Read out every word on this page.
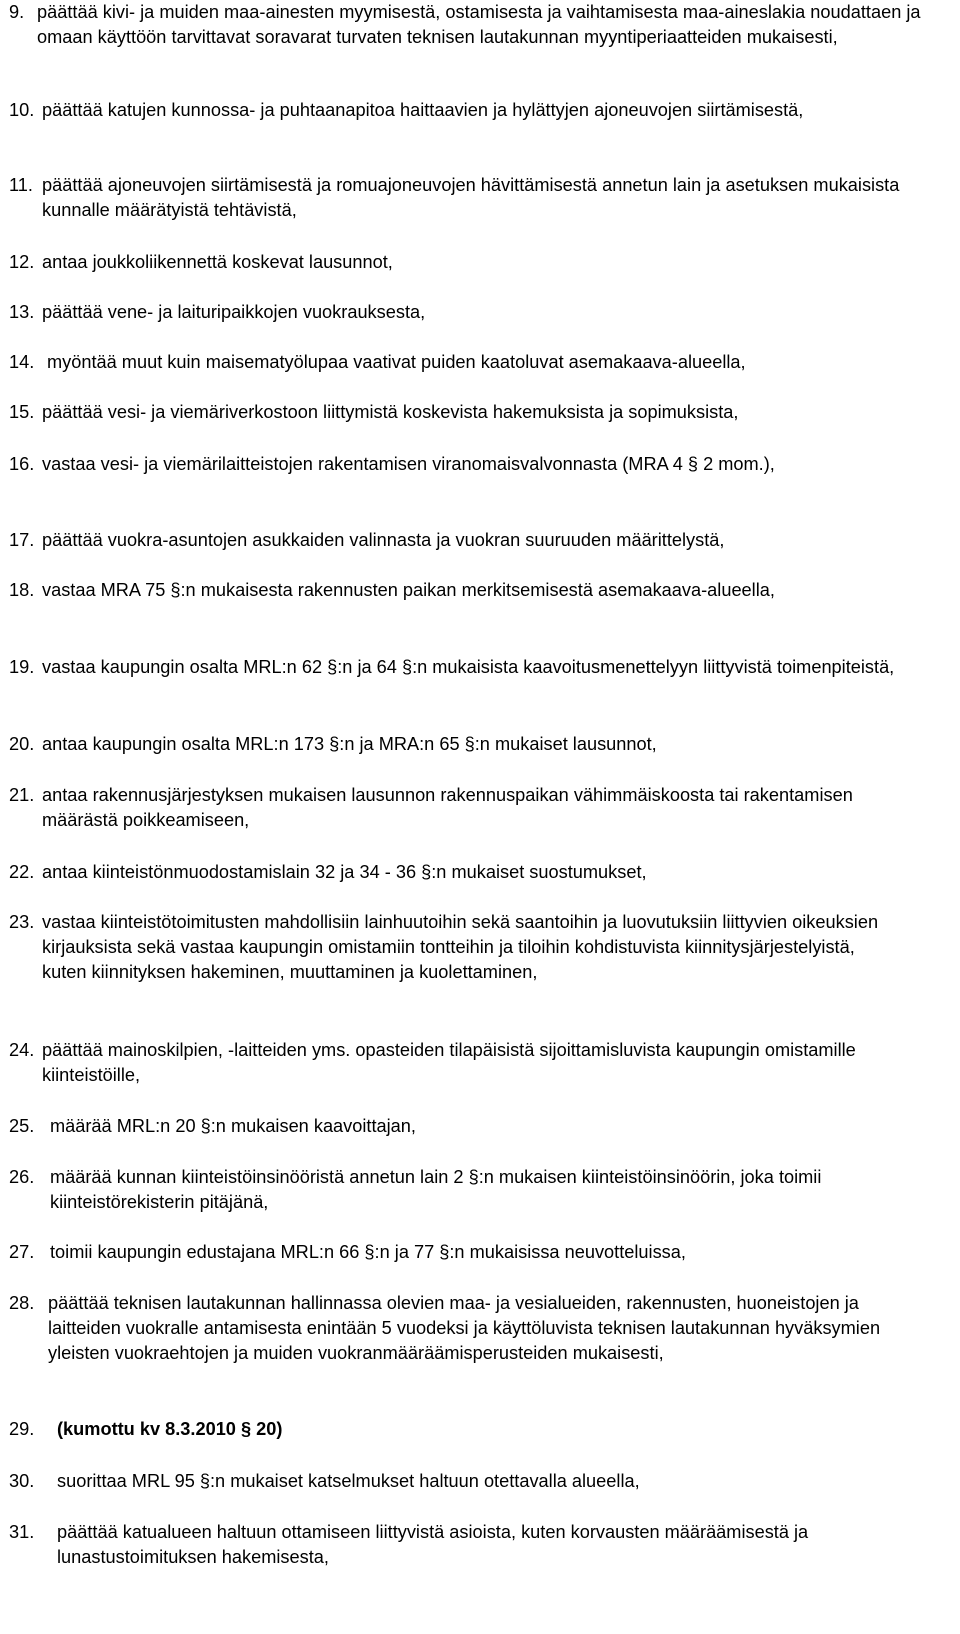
9. päättää kivi- ja muiden maa-ainesten myymisestä, ostamisesta ja vaihtamisesta maa-aineslakia noudattaen ja omaan käyttöön tarvittavat soravarat turvaten teknisen lautakunnan myyntiperiaatteiden mukaisesti,

10. päättää katujen kunnossa- ja puhtaanapitoa haittaavien ja hylättyjen ajoneuvojen siirtämisestä,

11. päättää ajoneuvojen siirtämisestä ja romuajoneuvojen hävittämisestä annetun lain ja asetuksen mukaisista kunnalle määrätyistä tehtävistä,

12. antaa joukkoliikennettä koskevat lausunnot,

13. päättää vene- ja laituripaikkojen vuokrauksesta,

14. myöntää muut kuin maisematyölupaa vaativat puiden kaatoluvat asemakaava-alueella,

15. päättää vesi- ja viemäriverkostoon liittymistä koskevista hakemuksista ja sopimuksista,

16. vastaa vesi- ja viemärilaitteistojen rakentamisen viranomaisvalvonnasta (MRA 4 § 2 mom.),

17. päättää vuokra-asuntojen asukkaiden valinnasta ja vuokran suuruuden määrittelystä,

18. vastaa MRA 75 §:n mukaisesta rakennusten paikan merkitsemisestä asemakaava-alueella,

19. vastaa kaupungin osalta MRL:n 62 §:n ja 64 §:n mukaisista kaavoitusmenettelyyn liittyvistä toimenpiteistä,

20. antaa kaupungin osalta MRL:n 173 §:n ja MRA:n 65 §:n mukaiset lausunnot,

21. antaa rakennusjärjestyksen mukaisen lausunnon rakennuspaikan vähimmäiskoosta tai rakentamisen määrästä poikkeamiseen,

22. antaa kiinteistönmuodostamislain 32 ja 34 - 36 §:n mukaiset suostumukset,

23. vastaa kiinteistötoimitusten mahdollisiin lainhuutoihin sekä saantoihin ja luovutuksiin liittyvien oikeuksien kirjauksista sekä vastaa kaupungin omistamiin tontteihin ja tiloihin kohdistuvista kiinnitysjärjestelyistä, kuten kiinnityksen hakeminen, muuttaminen ja kuolettaminen,

24. päättää mainoskilpien, -laitteiden yms. opasteiden tilapäisistä sijoittamisluvista kaupungin omistamille kiinteistöille,

25. määrää MRL:n 20 §:n mukaisen kaavoittajan,

26. määrää kunnan kiinteistöinsinööristä annetun lain 2 §:n mukaisen kiinteistöinsinöörin, joka toimii kiinteistörekisterin pitäjänä,

27. toimii kaupungin edustajana MRL:n 66 §:n ja 77 §:n mukaisissa neuvotteluissa,

28. päättää teknisen lautakunnan hallinnassa olevien maa- ja vesialueiden, rakennusten, huoneistojen ja laitteiden vuokralle antamisesta enintään 5 vuodeksi ja käyttöluvista teknisen lautakunnan hyväksymien yleisten vuokraehtojen ja muiden vuokranmääräämisperusteiden mukaisesti,

29.	(kumottu kv 8.3.2010 § 20)

30.	suorittaa MRL 95 §:n mukaiset katselmukset haltuun otettavalla alueella,

31.	päättää katualueen haltuun ottamiseen liittyvistä asioista, kuten korvausten määräämisestä ja lunastustoimituksen hakemisesta,
